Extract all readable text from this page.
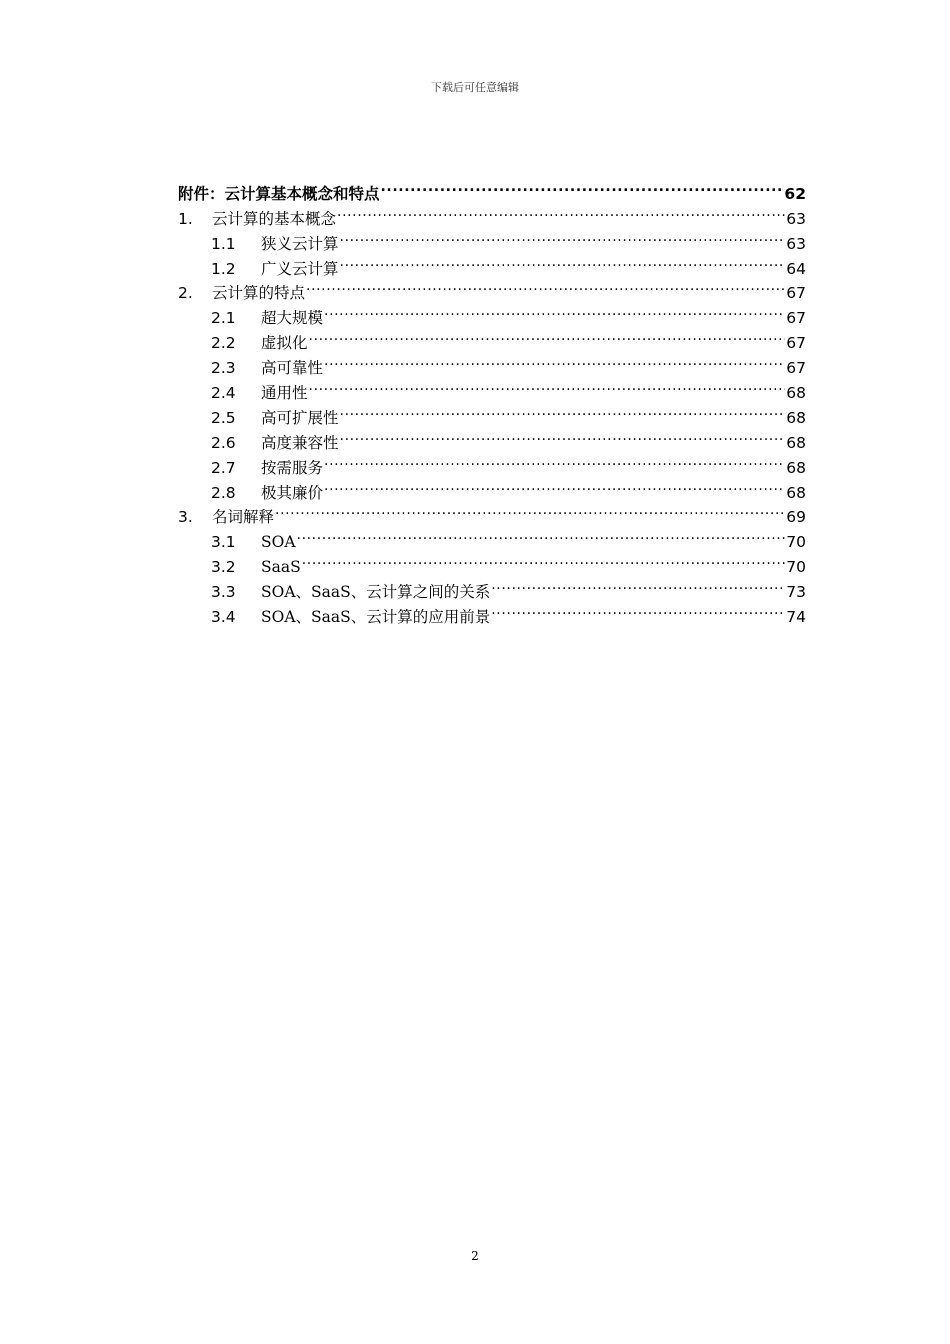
下载后可任意编辑
附件：云计算基本概念和特点 .....	62
1.	云计算的基本概念 .....	63
1.1	狭义云计算 .....	63
1.2	广义云计算 .....	64
2.	云计算的特点 .....	67
2.1	超大规模 .....	67
2.2	虚拟化 .....	67
2.3	高可靠性 .....	67
2.4	通用性 .....	68
2.5	高可扩展性 .....	68
2.6	高度兼容性 .....	68
2.7	按需服务 .....	68
2.8	极其廉价 .....	68
3.	名词解释 .....	69
3.1	SOA .....	70
3.2	SaaS .....	70
3.3	SOA、SaaS、云计算之间的关系 .....	73
3.4	SOA、SaaS、云计算的应用前景 .....	74
2
